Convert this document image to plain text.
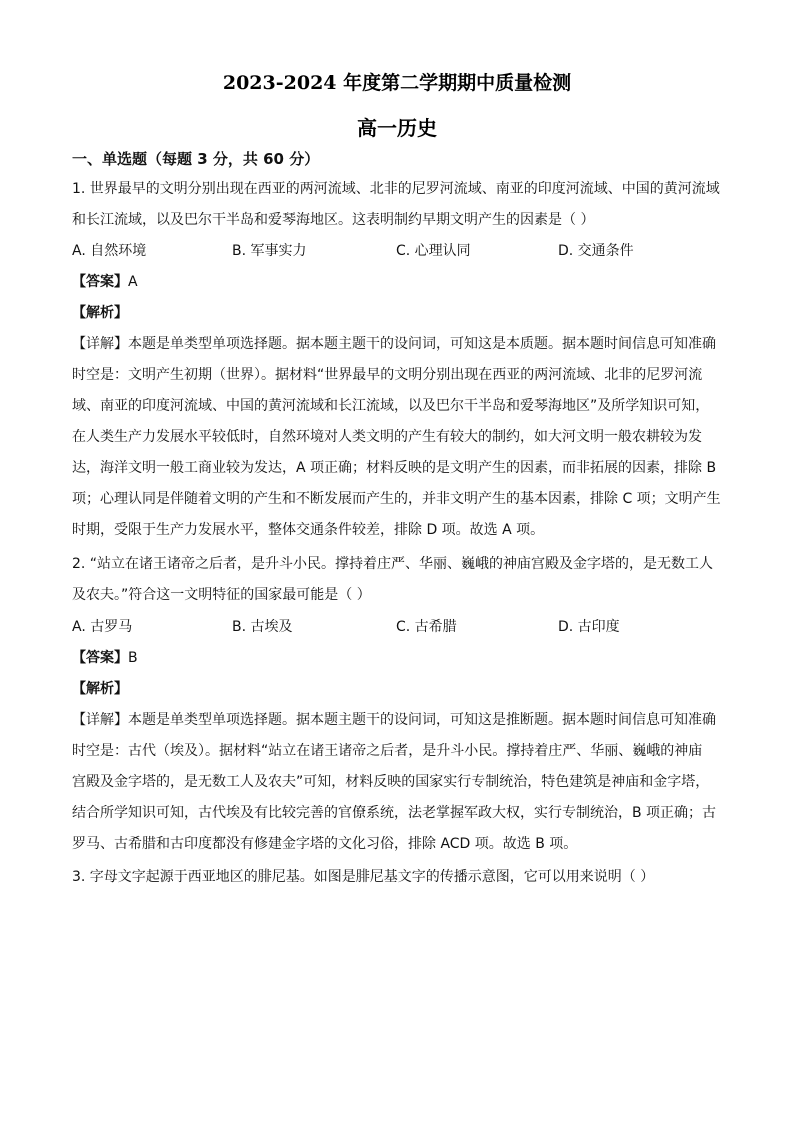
2023-2024 年度第二学期期中质量检测
高一历史
一、单选题（每题 3 分，共 60 分）
1. 世界最早的文明分别出现在西亚的两河流域、北非的尼罗河流域、南亚的印度河流域、中国的黄河流域
和长江流域，以及巴尔干半岛和爱琴海地区。这表明制约早期文明产生的因素是（ ）
A. 自然环境	B. 军事实力	C. 心理认同	D. 交通条件
【答案】A
【解析】
【详解】本题是单类型单项选择题。据本题主题干的设问词，可知这是本质题。据本题时间信息可知准确
时空是：文明产生初期（世界）。据材料“世界最早的文明分别出现在西亚的两河流域、北非的尼罗河流
域、南亚的印度河流域、中国的黄河流域和长江流域，以及巴尔干半岛和爱琴海地区”及所学知识可知，
在人类生产力发展水平较低时，自然环境对人类文明的产生有较大的制约，如大河文明一般农耕较为发
达，海洋文明一般工商业较为发达，A 项正确；材料反映的是文明产生的因素，而非拓展的因素，排除 B
项；心理认同是伴随着文明的产生和不断发展而产生的，并非文明产生的基本因素，排除 C 项；文明产生
时期，受限于生产力发展水平，整体交通条件较差，排除 D 项。故选 A 项。
2. “站立在诸王诸帝之后者，是升斗小民。撑持着庄严、华丽、巍峨的神庙宫殿及金字塔的，是无数工人
及农夫。”符合这一文明特征的国家最可能是（ ）
A. 古罗马	B. 古埃及	C. 古希腊	D. 古印度
【答案】B
【解析】
【详解】本题是单类型单项选择题。据本题主题干的设问词，可知这是推断题。据本题时间信息可知准确
时空是：古代（埃及）。据材料“站立在诸王诸帝之后者，是升斗小民。撑持着庄严、华丽、巍峨的神庙
宫殿及金字塔的，是无数工人及农夫”可知，材料反映的国家实行专制统治，特色建筑是神庙和金字塔，
结合所学知识可知，古代埃及有比较完善的官僚系统，法老掌握军政大权，实行专制统治，B 项正确；古
罗马、古希腊和古印度都没有修建金字塔的文化习俗，排除 ACD 项。故选 B 项。
3. 字母文字起源于西亚地区的腓尼基。如图是腓尼基文字的传播示意图，它可以用来说明（ ）
